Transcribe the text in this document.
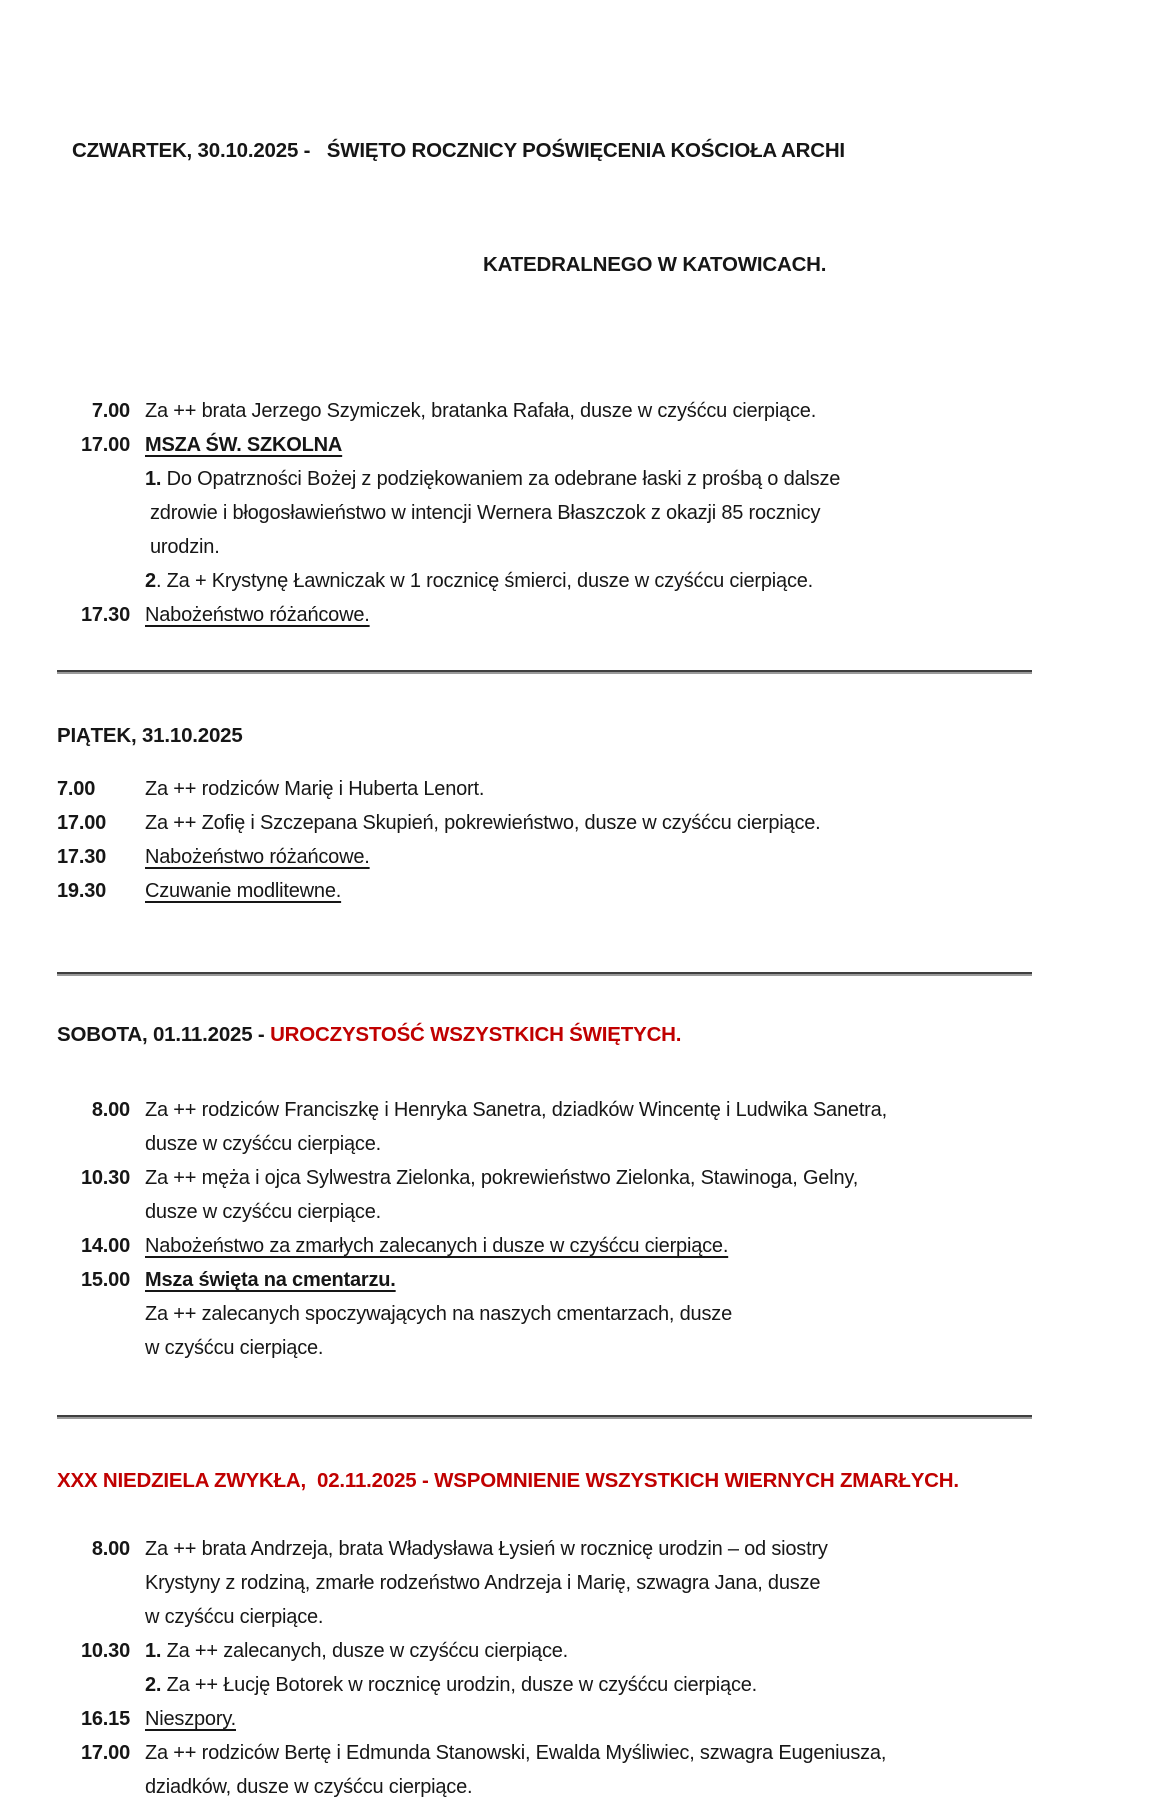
CZWARTEK, 30.10.2025 -   ŚWIĘTO ROCZNICY POŚWIĘCENIA KOŚCIOŁA ARCHI

KATEDRALNEGO W KATOWICACH.

7.00 Za ++ brata Jerzego Szymiczek, bratanka Rafała, dusze w czyśćcu cierpiące.
17.00 MSZA ŚW. SZKOLNA
1. Do Opatrzności Bożej z podziękowaniem za odebrane łaski z prośbą o dalsze
zdrowie i błogosławieństwo w intencji Wernera Błaszczok z okazji 85 rocznicy
urodzin.
2. Za + Krystynę Ławniczak w 1 rocznicę śmierci, dusze w czyśćcu cierpiące.
17.30 Nabożeństwo różańcowe.
PIĄTEK, 31.10.2025
7.00	Za ++ rodziców Marię i Huberta Lenort.
17.00	Za ++ Zofię i Szczepana Skupień, pokrewieństwo, dusze w czyśćcu cierpiące.
17.30	Nabożeństwo różańcowe.
19.30	Czuwanie modlitewne.
SOBOTA, 01.11.2025 - UROCZYSTOŚĆ WSZYSTKICH ŚWIĘTYCH.
8.00 Za ++ rodziców Franciszkę i Henryka Sanetra, dziadków Wincentę i Ludwika Sanetra,
dusze w czyśćcu cierpiące.
10.30 Za ++ męża i ojca Sylwestra Zielonka, pokrewieństwo Zielonka, Stawinoga, Gelny,
dusze w czyśćcu cierpiące.
14.00 Nabożeństwo za zmarłych zalecanych i dusze w czyśćcu cierpiące.
15.00 Msza święta na cmentarzu.
Za ++ zalecanych spoczywających na naszych cmentarzach, dusze
w czyśćcu cierpiące.
XXX NIEDZIELA ZWYKŁA,  02.11.2025 - WSPOMNIENIE WSZYSTKICH WIERNYCH ZMARŁYCH.
8.00 Za ++ brata Andrzeja, brata Władysława Łysień w rocznicę urodzin – od siostry
Krystyny z rodziną, zmarłe rodzeństwo Andrzeja i Marię, szwagra Jana, dusze
w czyśćcu cierpiące.
10.30 1. Za ++ zalecanych, dusze w czyśćcu cierpiące.
2. Za ++ Łucję Botorek w rocznicę urodzin, dusze w czyśćcu cierpiące.
16.15 Nieszpory.
17.00 Za ++ rodziców Bertę i Edmunda Stanowski, Ewalda Myśliwiec, szwagra Eugeniusza,
dziadków, dusze w czyśćcu cierpiące.
